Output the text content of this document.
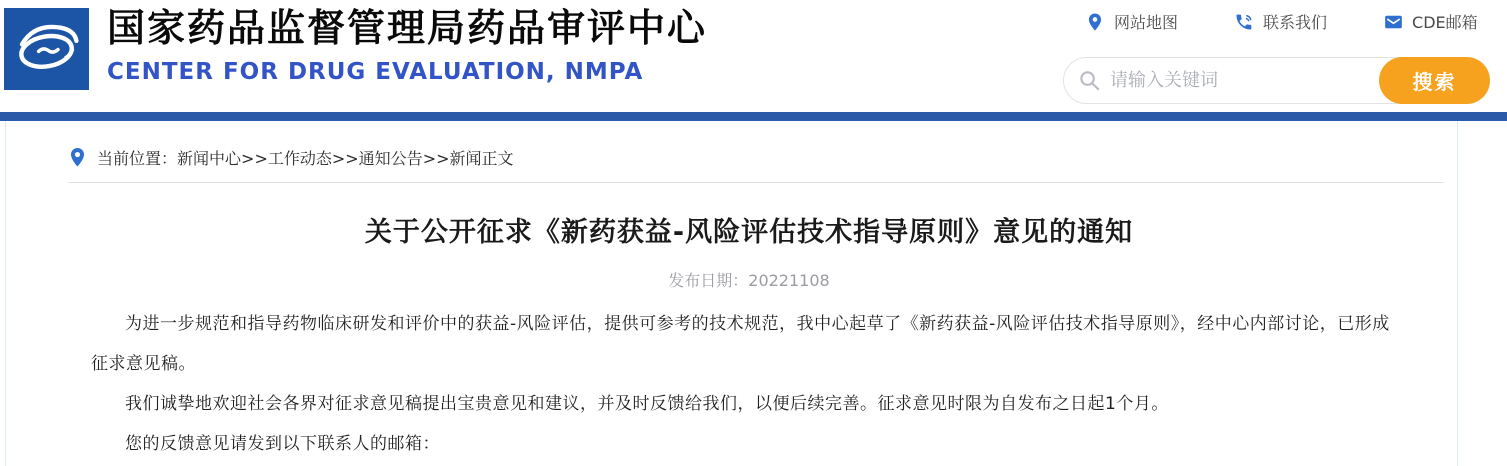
国家药品监督管理局药品审评中心
CENTER FOR DRUG EVALUATION, NMPA
网站地图	联系我们	CDE邮箱
请输入关键词
搜索
当前位置：新闻中心>>工作动态>>通知公告>>新闻正文
关于公开征求《新药获益-风险评估技术指导原则》意见的通知
发布日期：20221108

为进一步规范和指导药物临床研发和评价中的获益-风险评估，提供可参考的技术规范，我中心起草了《新药获益-风险评估技术指导原则》，经中心内部讨论，已形成征求意见稿。

我们诚挚地欢迎社会各界对征求意见稿提出宝贵意见和建议，并及时反馈给我们，以便后续完善。征求意见时限为自发布之日起1个月。

您的反馈意见请发到以下联系人的邮箱：
